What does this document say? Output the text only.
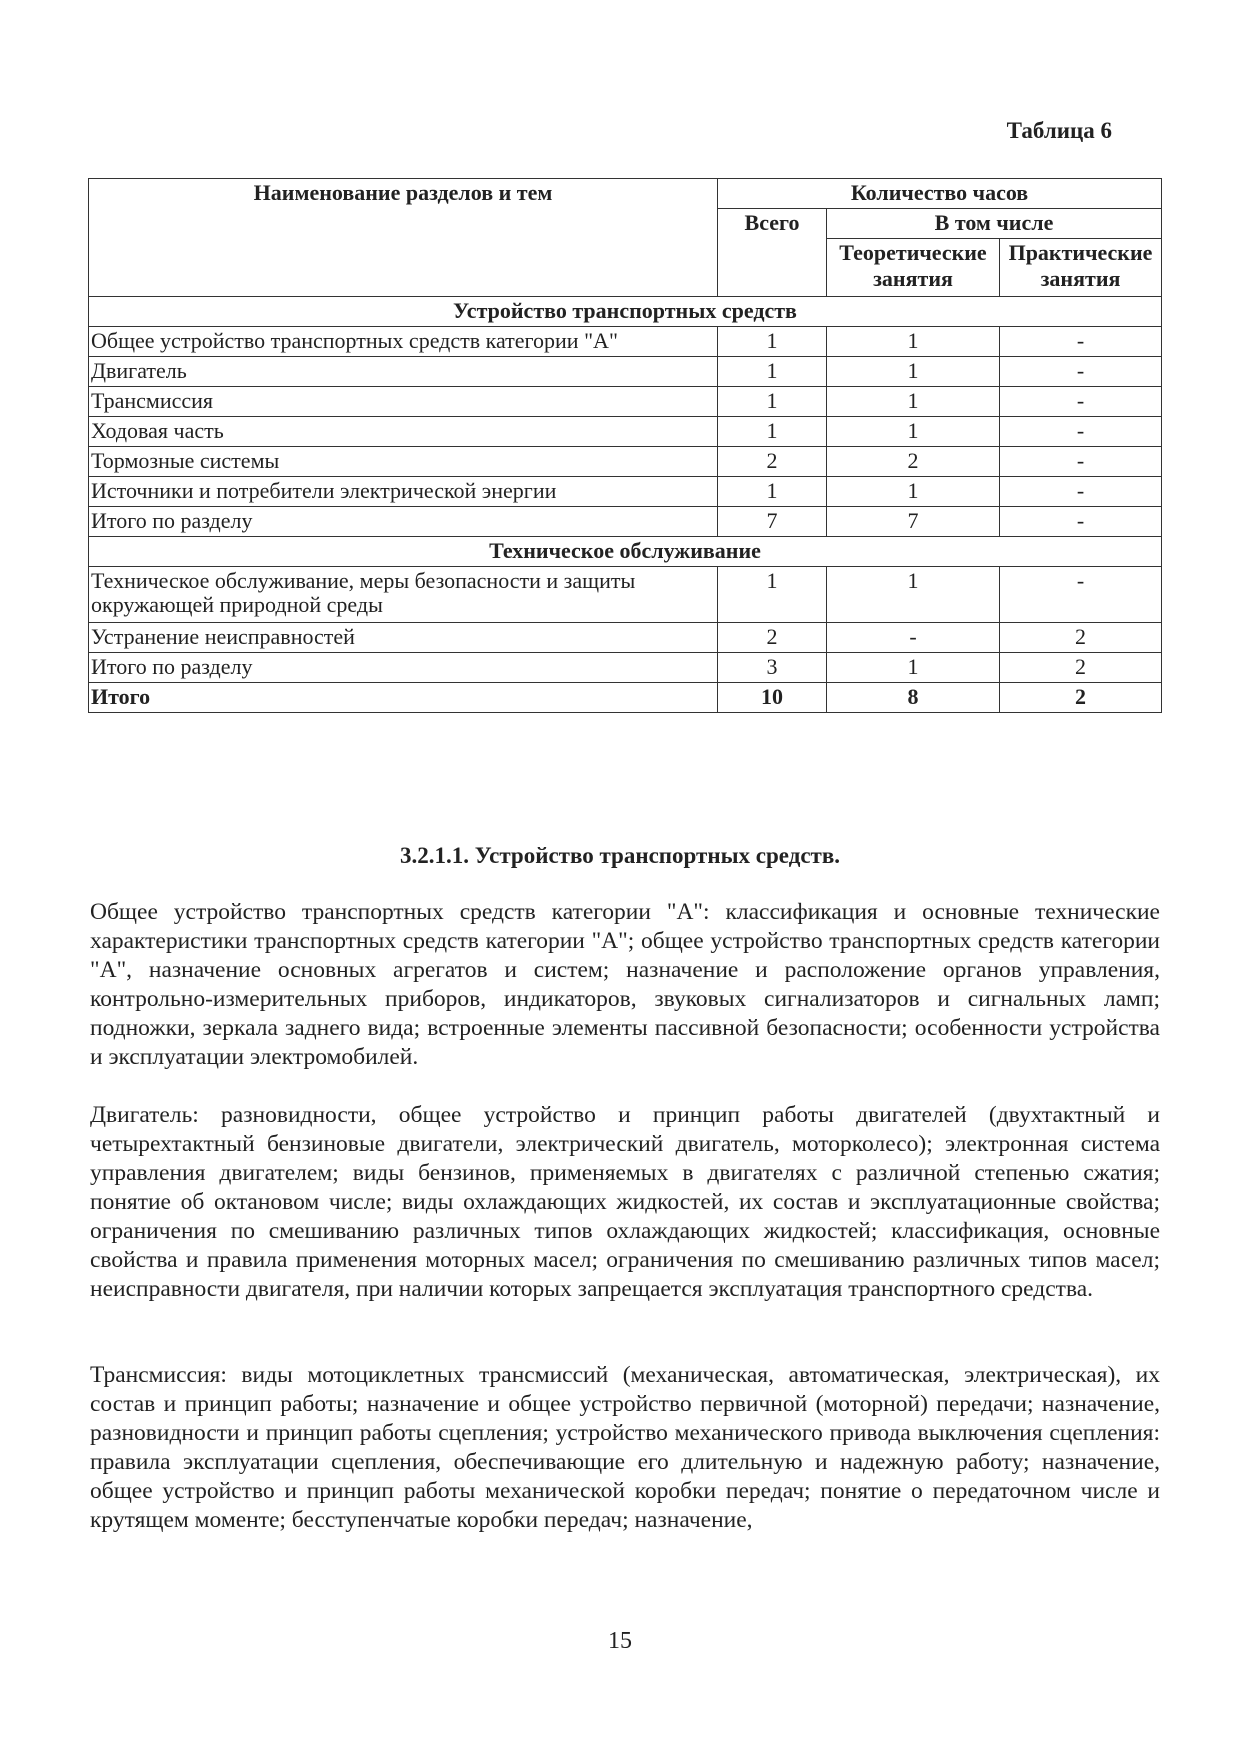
Таблица 6
Наименование разделов и тем	Количество часов		
	Всего	В том числе	
		Теоретические занятия	Практические занятия
Устройство транспортных средств			
Общее устройство транспортных средств категории "А"	1	1	-
Двигатель	1	1	-
Трансмиссия	1	1	-
Ходовая часть	1	1	-
Тормозные системы	2	2	-
Источники и потребители электрической энергии	1	1	-
Итого по разделу	7	7	-
Техническое обслуживание			
Техническое обслуживание, меры безопасности и защиты окружающей природной среды	1	1	-
Устранение неисправностей	2	-	2
Итого по разделу	3	1	2
Итого	10	8	2
3.2.1.1. Устройство транспортных средств.
Общее устройство транспортных средств категории "А": классификация и основные технические характеристики транспортных средств категории "А"; общее устройство транспортных средств категории "А", назначение основных агрегатов и систем; назначение и расположение органов управления, контрольно-измерительных приборов, индикаторов, звуковых сигнализаторов и сигнальных ламп; подножки, зеркала заднего вида; встроенные элементы пассивной безопасности; особенности устройства и эксплуатации электромобилей.
Двигатель: разновидности, общее устройство и принцип работы двигателей (двухтактный и четырехтактный бензиновые двигатели, электрический двигатель, моторколесо); электронная система управления двигателем; виды бензинов, применяемых в двигателях с различной степенью сжатия; понятие об октановом числе; виды охлаждающих жидкостей, их состав и эксплуатационные свойства; ограничения по смешиванию различных типов охлаждающих жидкостей; классификация, основные свойства и правила применения моторных масел; ограничения по смешиванию различных типов масел; неисправности двигателя, при наличии которых запрещается эксплуатация транспортного средства.
Трансмиссия: виды мотоциклетных трансмиссий (механическая, автоматическая, электрическая), их состав и принцип работы; назначение и общее устройство первичной (моторной) передачи; назначение, разновидности и принцип работы сцепления; устройство механического привода выключения сцепления: правила эксплуатации сцепления, обеспечивающие его длительную и надежную работу; назначение, общее устройство и принцип работы механической коробки передач; понятие о передаточном числе и крутящем моменте; бесступенчатые коробки передач; назначение,
15
